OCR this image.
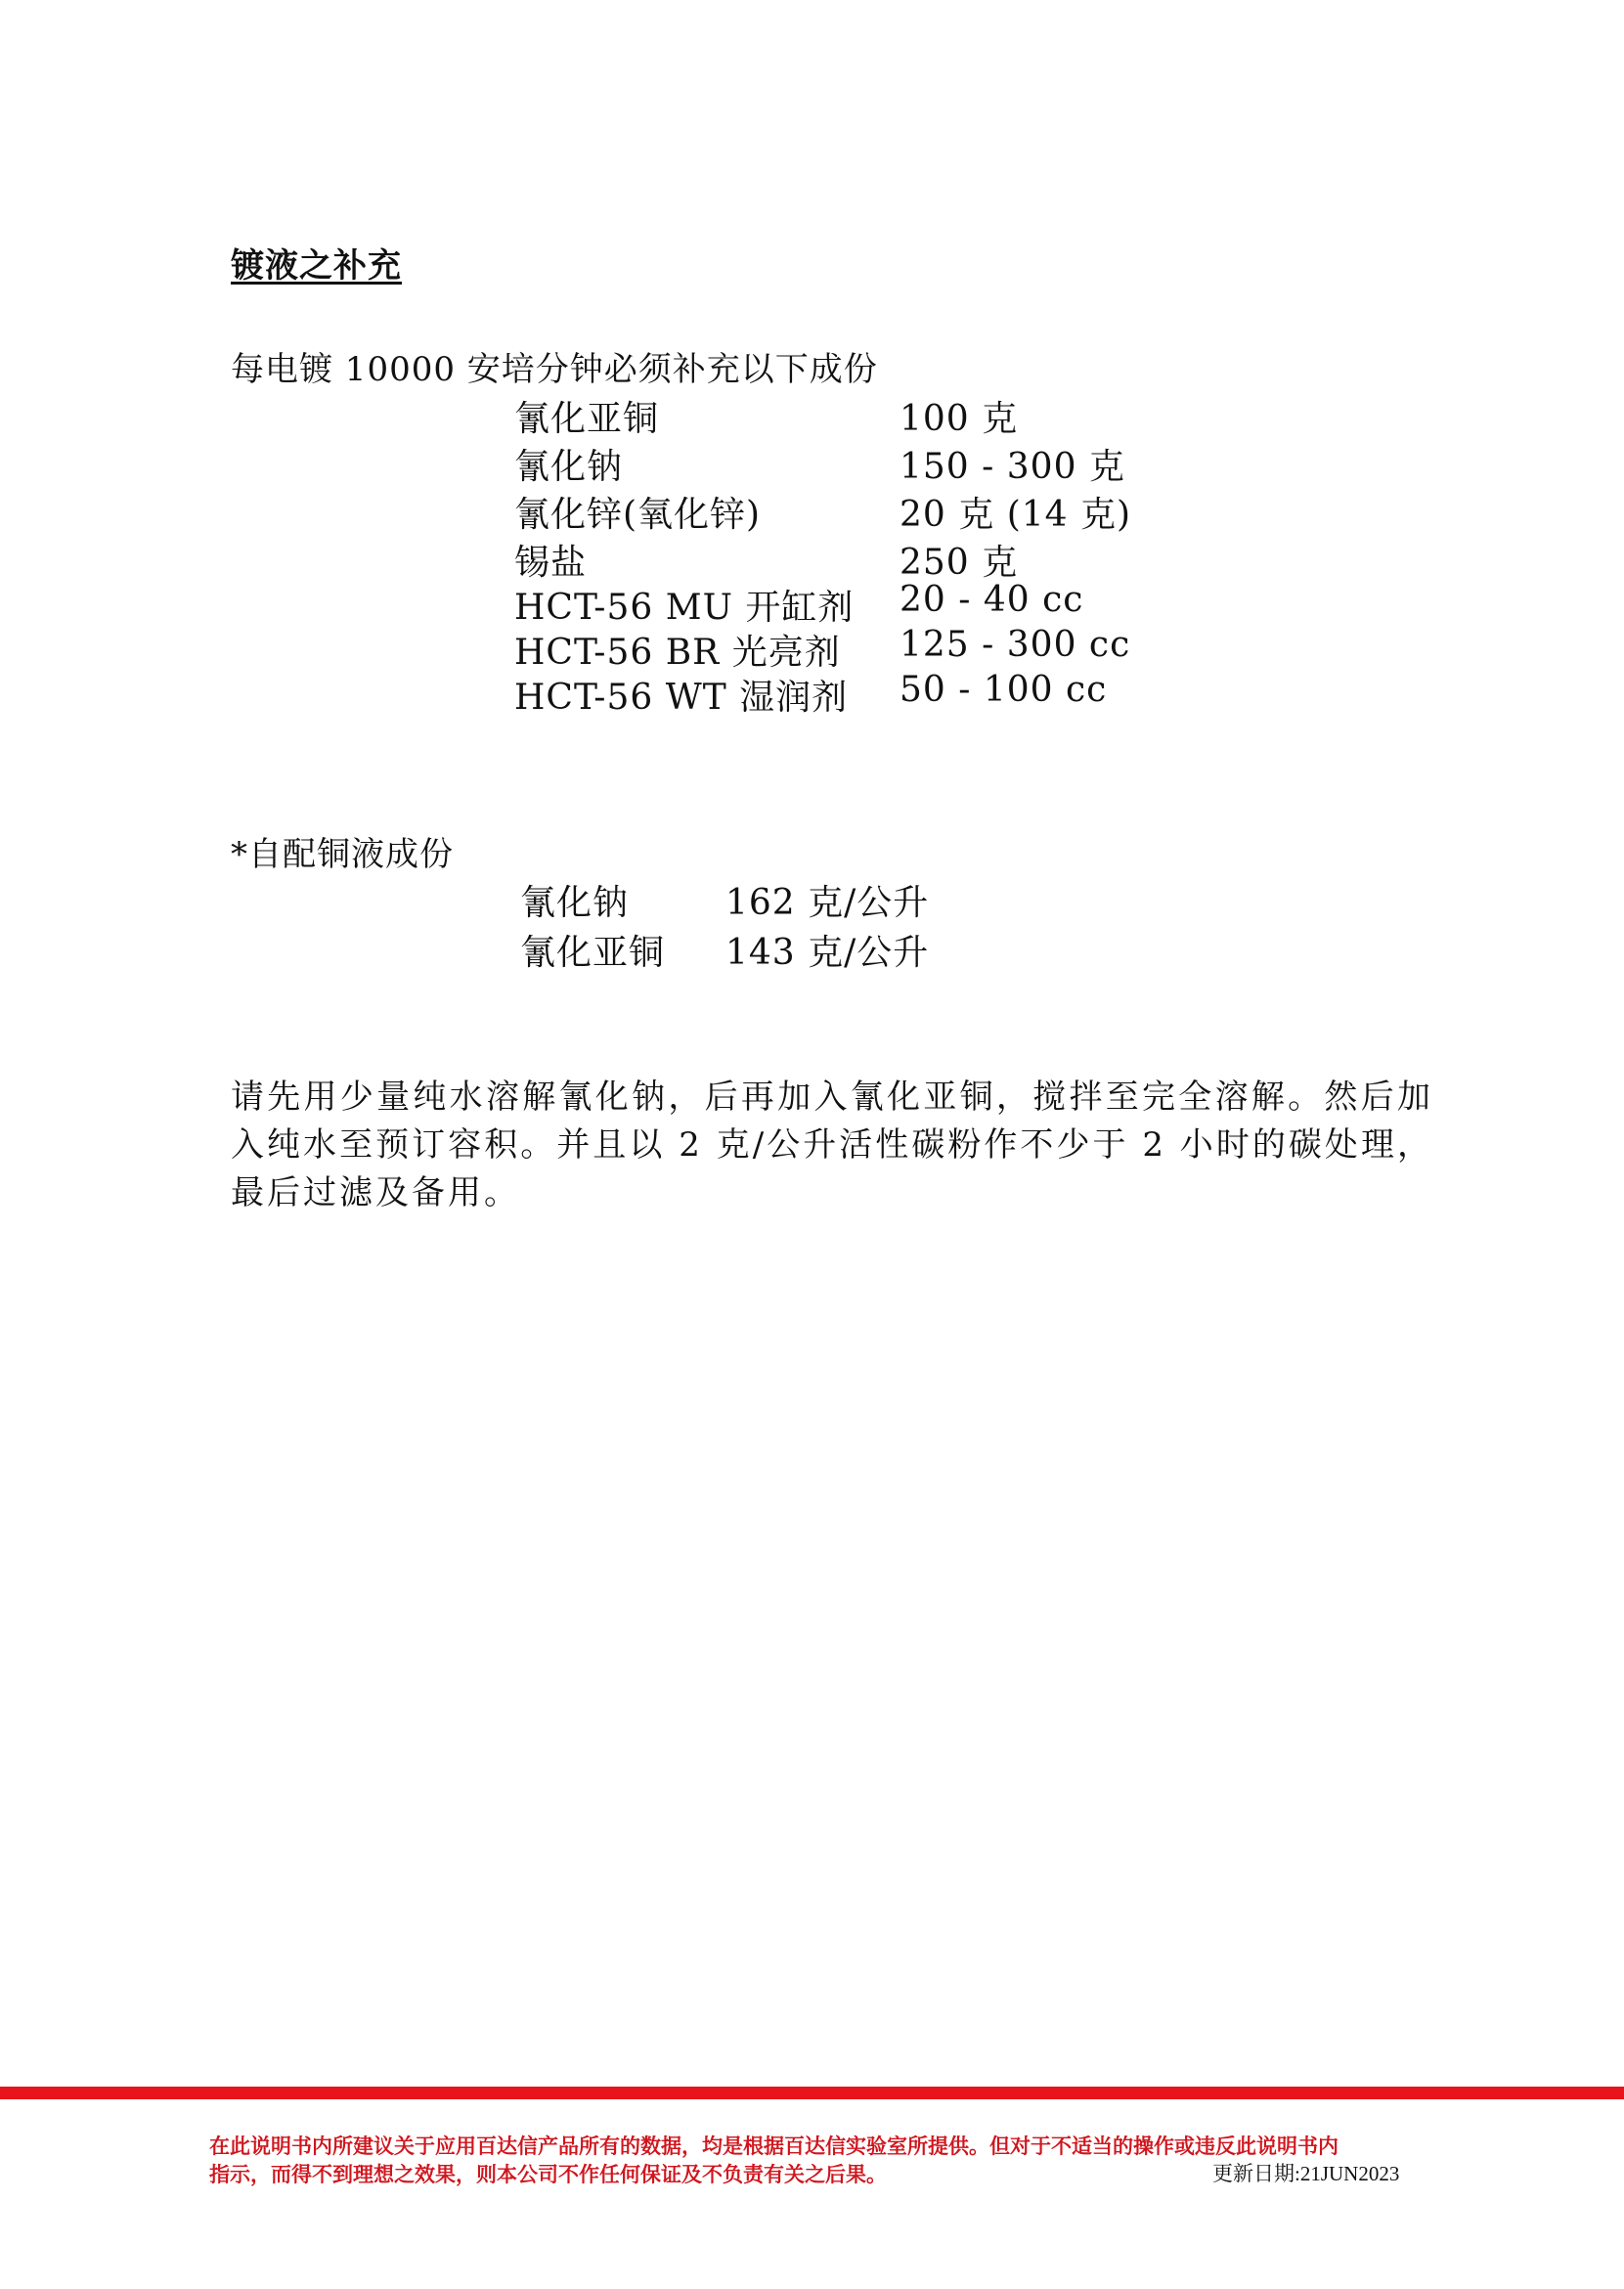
镀液之补充
每电镀 10000 安培分钟必须补充以下成份
氰化亚铜	100 克
氰化钠	150 - 300 克
氰化锌(氧化锌)	20 克 (14 克)
锡盐	250 克
HCT-56 MU 开缸剂 20 - 40 cc
HCT-56 BR 光亮剂 125 - 300 cc
HCT-56 WT 湿润剂 50 - 100 cc
*自配铜液成份
氰化钠	162 克/公升
氰化亚铜 143 克/公升
请先用少量纯水溶解氰化钠，后再加入氰化亚铜，搅拌至完全溶解。然后加入纯水至预订容积。并且以 2 克/公升活性碳粉作不少于 2 小时的碳处理，最后过滤及备用。
在此说明书内所建议关于应用百达信产品所有的数据，均是根据百达信实验室所提供。但对于不适当的操作或违反此说明书内
指示，而得不到理想之效果，则本公司不作任何保证及不负责有关之后果。	更新日期:21JUN2023
